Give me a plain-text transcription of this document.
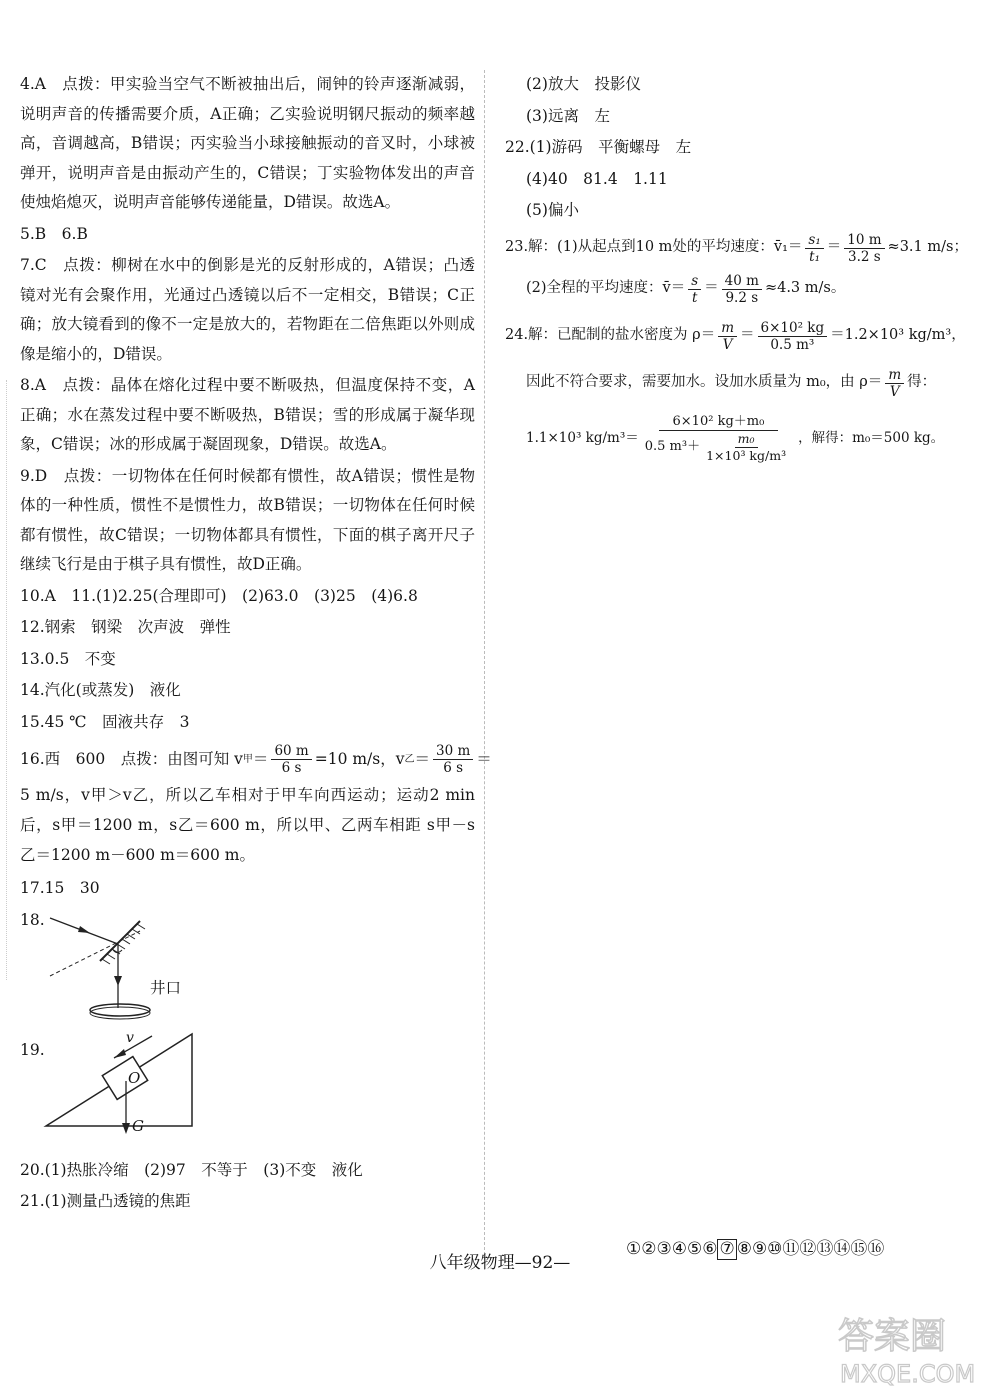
4.A　点拨：甲实验当空气不断被抽出后，闹钟的铃声逐渐减弱，说明声音的传播需要介质，A正确；乙实验说明钢尺振动的频率越高，音调越高，B错误；丙实验当小球接触振动的音叉时，小球被弹开，说明声音是由振动产生的，C错误；丁实验物体发出的声音使烛焰熄灭，说明声音能够传递能量，D错误。故选A。

5.B　6.B

7.C　点拨：柳树在水中的倒影是光的反射形成的，A错误；凸透镜对光有会聚作用，光通过凸透镜以后不一定相交，B错误；C正确；放大镜看到的像不一定是放大的，若物距在二倍焦距以外则成像是缩小的，D错误。

8.A　点拨：晶体在熔化过程中要不断吸热，但温度保持不变，A正确；水在蒸发过程中要不断吸热，B错误；雪的形成属于凝华现象，C错误；冰的形成属于凝固现象，D错误。故选A。

9.D　点拨：一切物体在任何时候都有惯性，故A错误；惯性是物体的一种性质，惯性不是惯性力，故B错误；一切物体在任何时候都有惯性，故C错误；一切物体都具有惯性，下面的棋子离开尺子继续飞行是由于棋子具有惯性，故D正确。

10.A　11.(1)2.25(合理即可)　(2)63.0　(3)25　(4)6.8

12.钢索　钢梁　次声波　弹性

13.0.5　不变

14.汽化(或蒸发)　液化

15.45 ℃　固液共存　3

16.西　600　点拨：由图可知 v 甲 ＝ $\frac{60 m}{6 s} =10$ m/s，v 乙 ＝ $\frac{30 m}{6 s}$ ＝

5 m/s，v甲＞v乙，所以乙车相对于甲车向西运动；运动2 min后，s甲＝1200 m，s乙＝600 m，所以甲、乙两车相距 s甲－s乙＝1200 m－600 m＝600 m。

17.15　30

18.
井口
19.
v
O
G

20.(1)热胀冷缩　(2)97　不等于　(3)不变　液化

21.(1)测量凸透镜的焦距

(2)放大　投影仪

(3)远离　左

22.(1)游码　平衡螺母　左

(4)40　81.4　1.11

(5)偏小

23.解：(1)从起点到10 m处的平均速度：v̄₁＝ $\frac{\text{s₁}}{\text{t₁}} = \frac{10 m}{3.2 s} \approx 3.1$ m/s；
(2)全程的平均速度：v̄＝ $\frac{s}{t} = \frac{40 m}{9.2 s} \approx 4.3$ m/s。
24.解：已配制的盐水密度为 $\rho= \frac{m}{V} = \frac{\text{6×10² kg}}{\text{0.5 m³}} =1.2\times 10^3$ kg/m³，
因此不符合要求，需要加水。设加水质量为 m₀，由 $\rho= \frac{m}{V}$ 得：
1.1×10³ $kg/m^3= \frac{\text{6×10² kg＋m₀}}{0.5 m^3+ \frac{\text{m₀}}{\text{1×10³ kg/m³}}}$ ，解得：m₀＝500 kg。
①②③④⑤⑥ ⑦ ⑧⑨⑩⑪⑫⑬⑭⑮⑯
八年级物理—92—
答案圈
MXQE.COM
